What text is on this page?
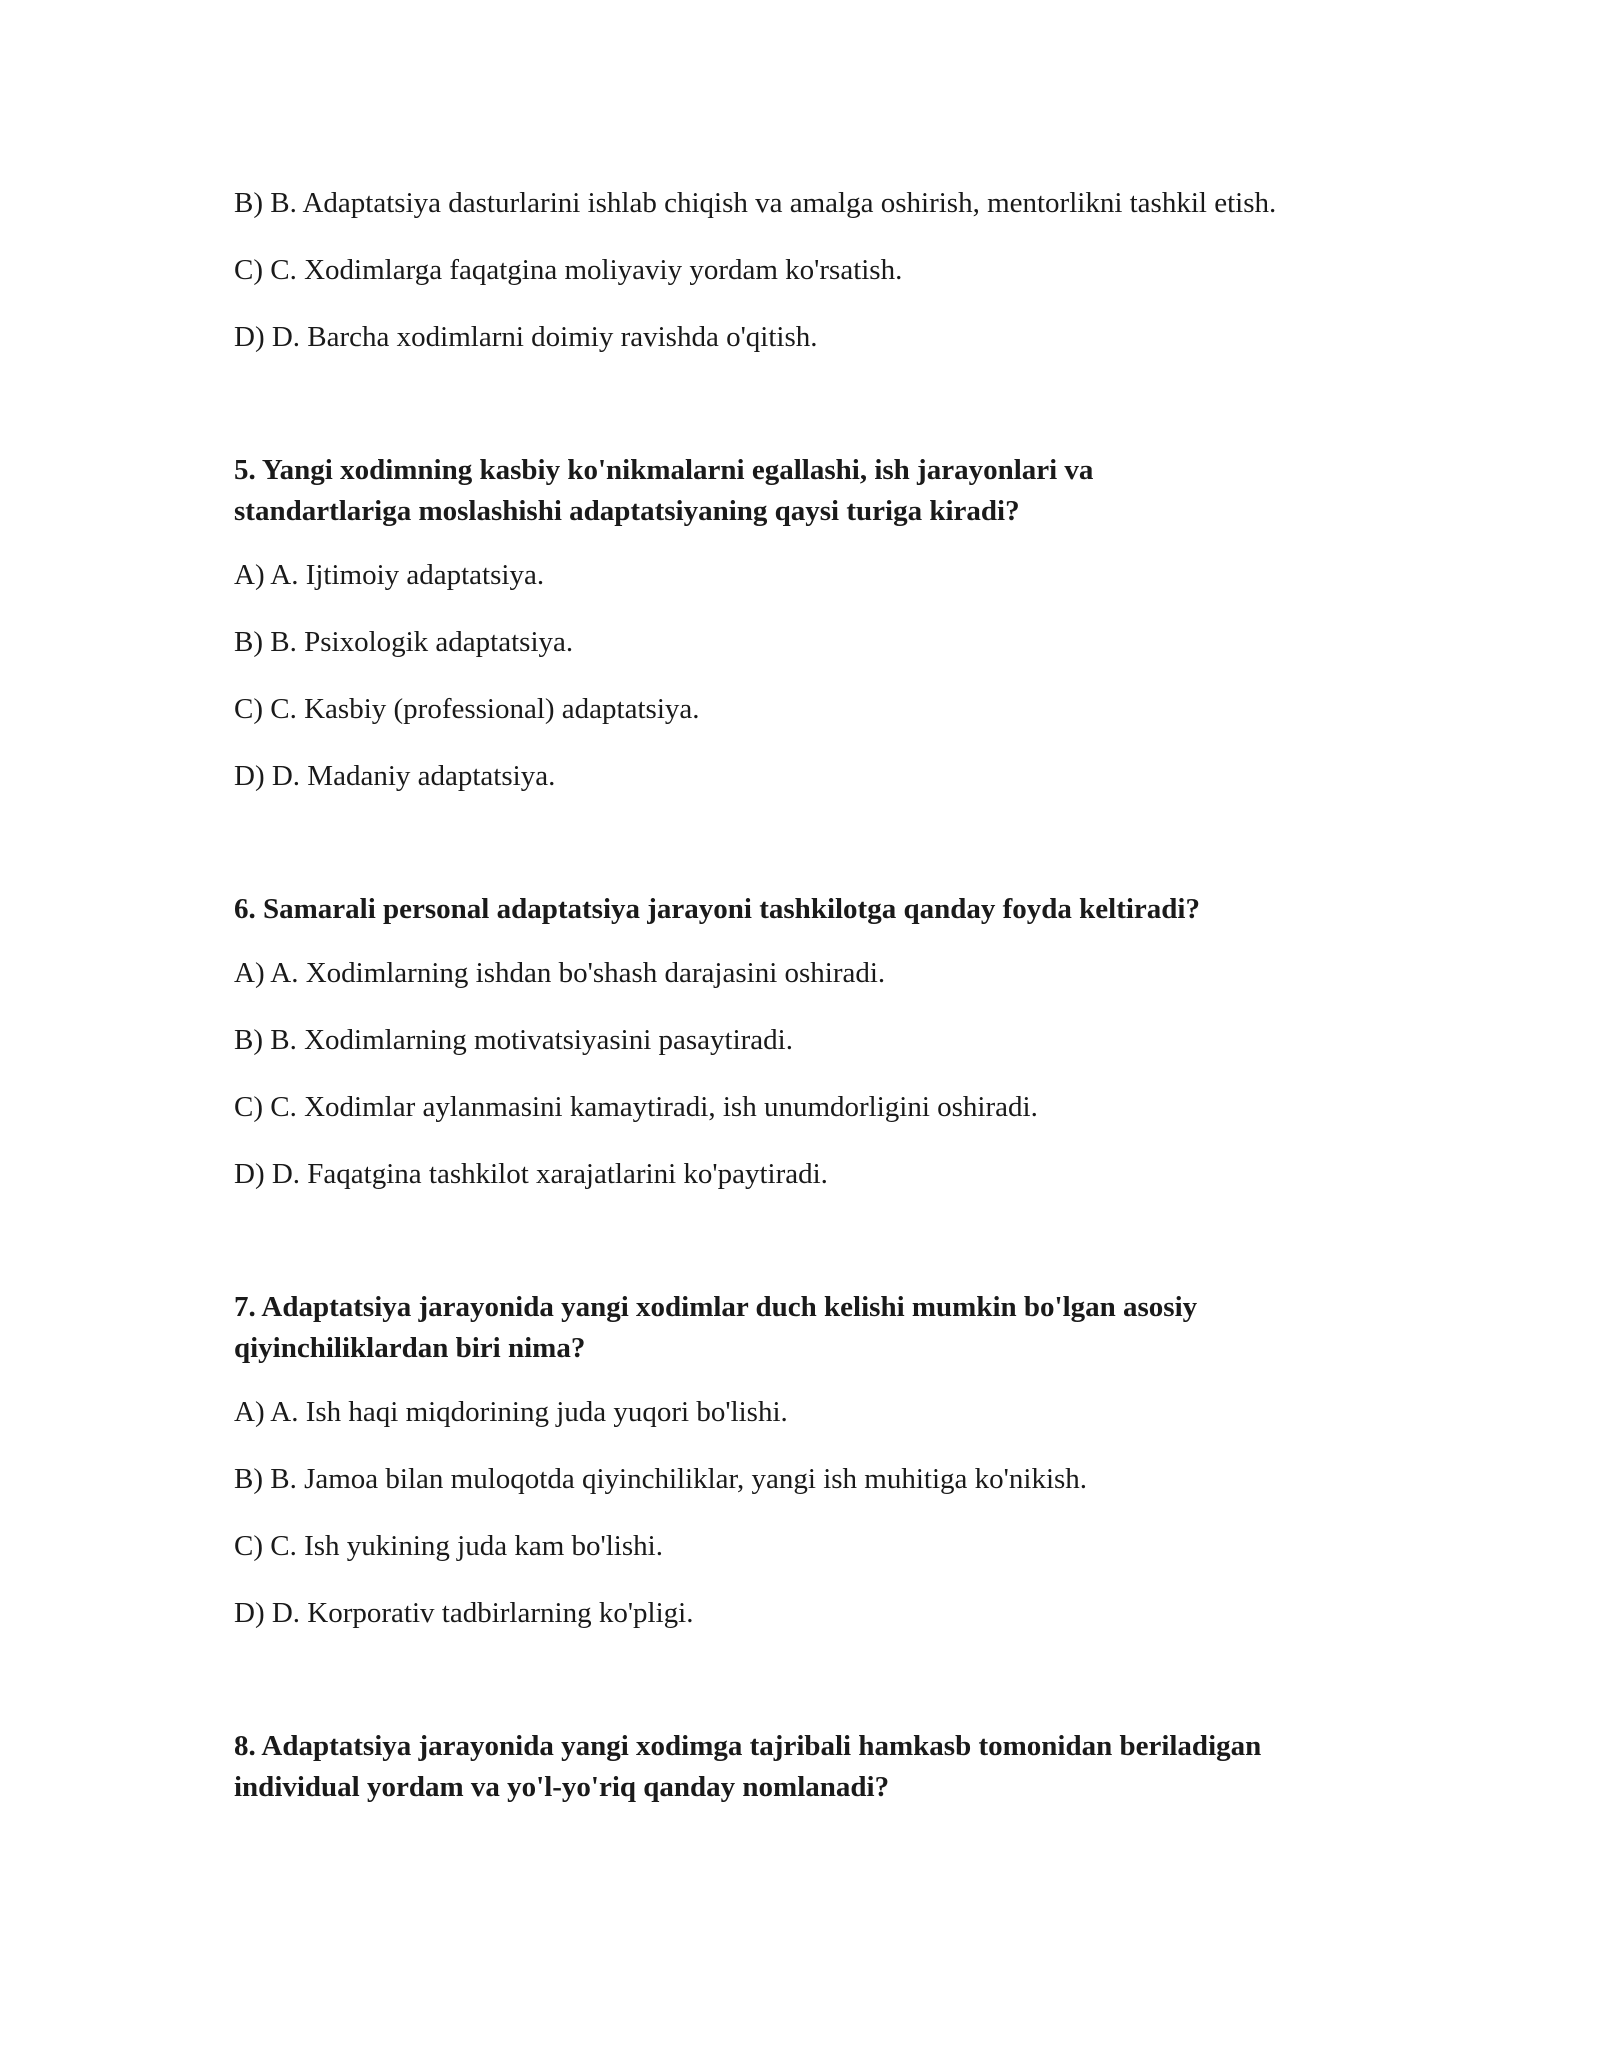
B) B. Adaptatsiya dasturlarini ishlab chiqish va amalga oshirish, mentorlikni tashkil etish.

C) C. Xodimlarga faqatgina moliyaviy yordam ko'rsatish.

D) D. Barcha xodimlarni doimiy ravishda o'qitish.

5. Yangi xodimning kasbiy ko'nikmalarni egallashi, ish jarayonlari va

standartlariga moslashishi adaptatsiyaning qaysi turiga kiradi?

A) A. Ijtimoiy adaptatsiya.

B) B. Psixologik adaptatsiya.

C) C. Kasbiy (professional) adaptatsiya.

D) D. Madaniy adaptatsiya.

6. Samarali personal adaptatsiya jarayoni tashkilotga qanday foyda keltiradi?

A) A. Xodimlarning ishdan bo'shash darajasini oshiradi.

B) B. Xodimlarning motivatsiyasini pasaytiradi.

C) C. Xodimlar aylanmasini kamaytiradi, ish unumdorligini oshiradi.

D) D. Faqatgina tashkilot xarajatlarini ko'paytiradi.

7. Adaptatsiya jarayonida yangi xodimlar duch kelishi mumkin bo'lgan asosiy

qiyinchiliklardan biri nima?

A) A. Ish haqi miqdorining juda yuqori bo'lishi.

B) B. Jamoa bilan muloqotda qiyinchiliklar, yangi ish muhitiga ko'nikish.

C) C. Ish yukining juda kam bo'lishi.

D) D. Korporativ tadbirlarning ko'pligi.

8. Adaptatsiya jarayonida yangi xodimga tajribali hamkasb tomonidan beriladigan

individual yordam va yo'l-yo'riq qanday nomlanadi?
